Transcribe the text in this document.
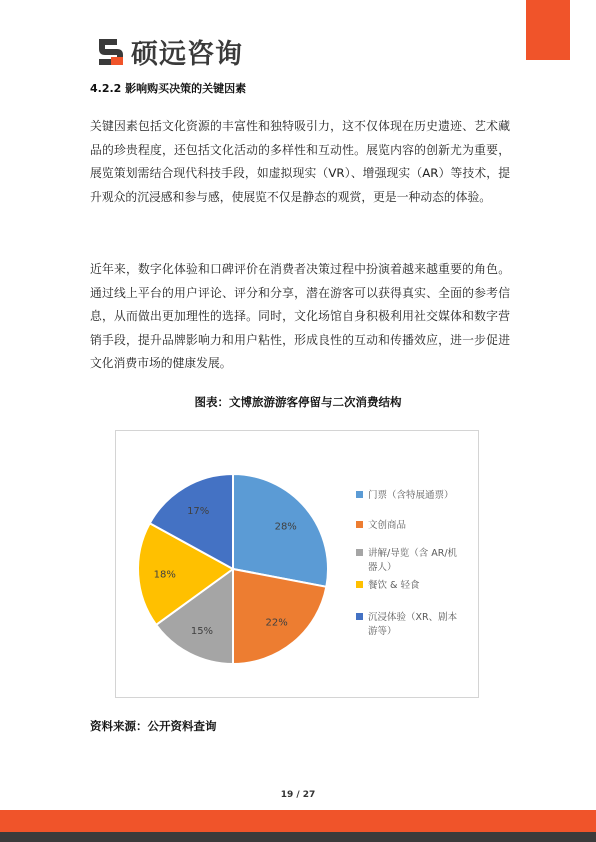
硕远咨询
4.2.2 影响购买决策的关键因素
关键因素包括文化资源的丰富性和独特吸引力，这不仅体现在历史遗迹、艺术藏品的珍贵程度，还包括文化活动的多样性和互动性。展览内容的创新尤为重要，展览策划需结合现代科技手段，如虚拟现实（VR）、增强现实（AR）等技术，提升观众的沉浸感和参与感，使展览不仅是静态的观赏，更是一种动态的体验。
近年来，数字化体验和口碑评价在消费者决策过程中扮演着越来越重要的角色。通过线上平台的用户评论、评分和分享，潜在游客可以获得真实、全面的参考信息，从而做出更加理性的选择。同时，文化场馆自身积极利用社交媒体和数字营销手段，提升品牌影响力和用户粘性，形成良性的互动和传播效应，进一步促进文化消费市场的健康发展。
图表：文博旅游游客停留与二次消费结构
28%
22%
15%
18%
17%
门票（含特展通票）
文创商品
讲解/导览（含 AR/机
器人）
餐饮 & 轻食
沉浸体验（XR、剧本
游等）
资料来源：公开资料查询
19 / 27
